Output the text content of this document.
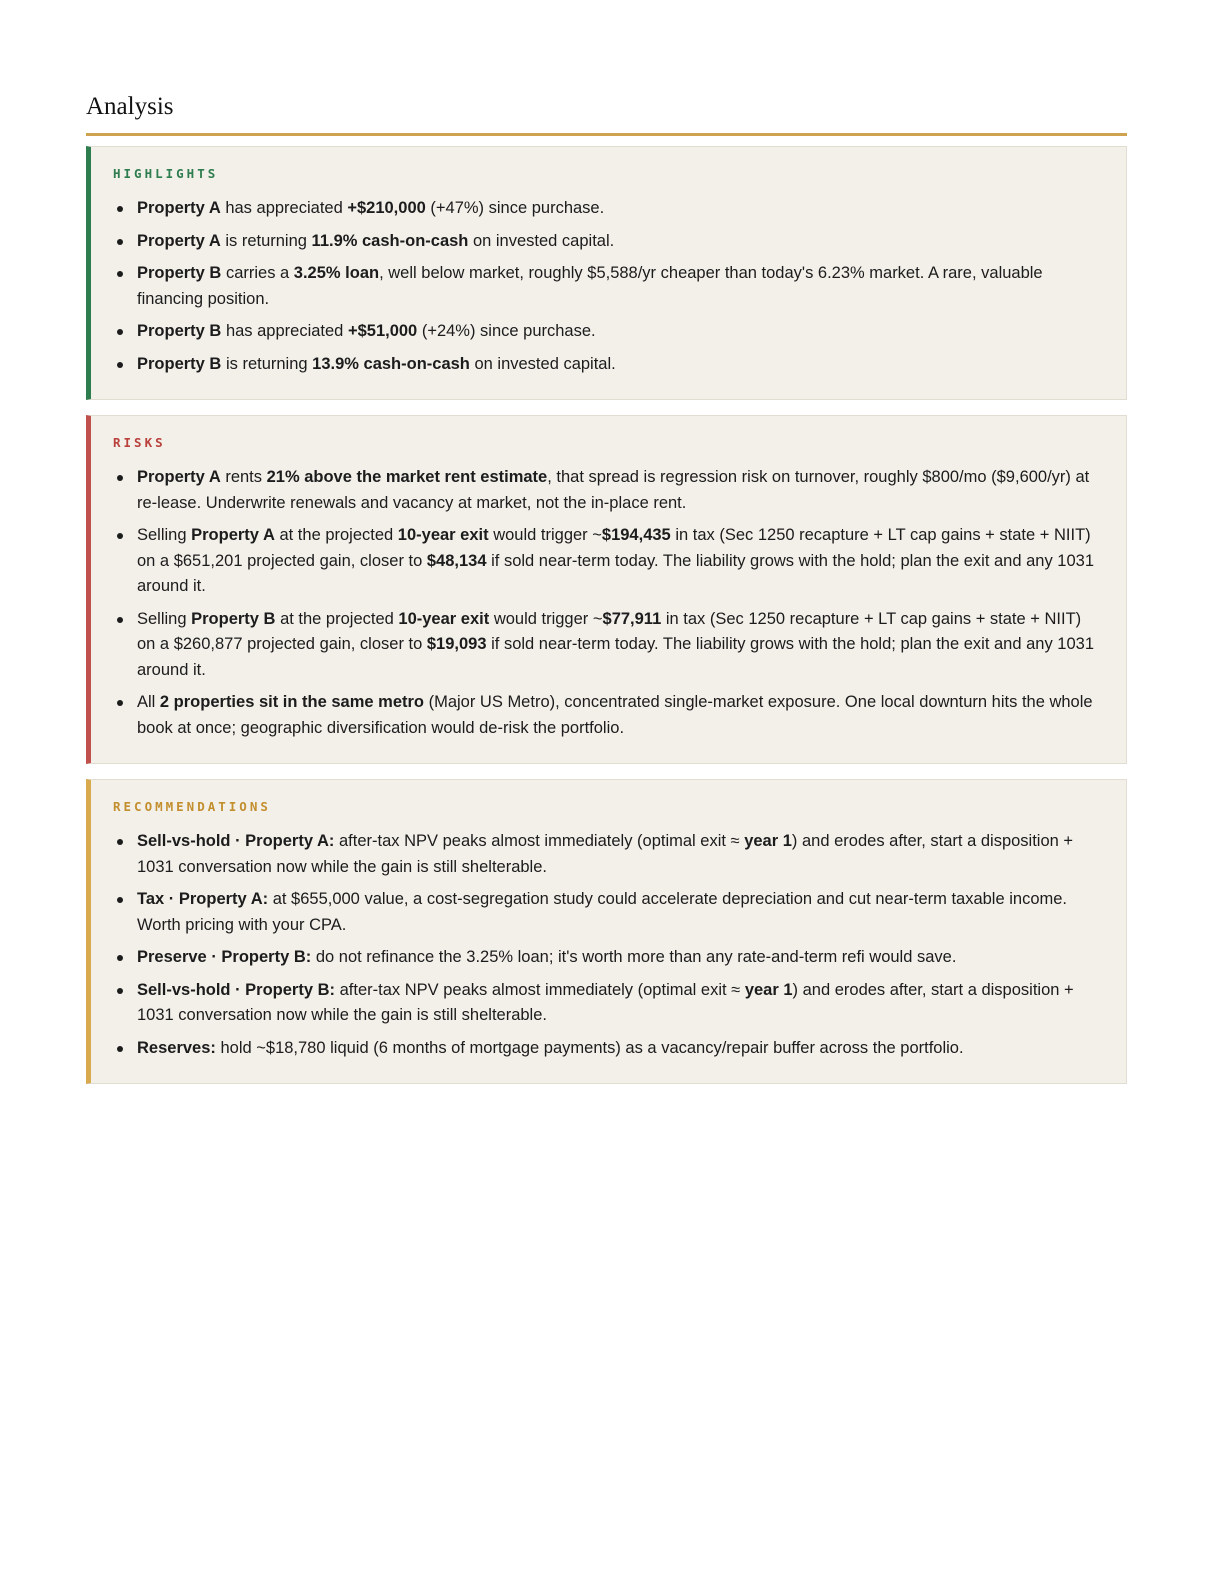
Analysis
HIGHLIGHTS
Property A has appreciated +$210,000 (+47%) since purchase.
Property A is returning 11.9% cash-on-cash on invested capital.
Property B carries a 3.25% loan, well below market, roughly $5,588/yr cheaper than today's 6.23% market. A rare, valuable financing position.
Property B has appreciated +$51,000 (+24%) since purchase.
Property B is returning 13.9% cash-on-cash on invested capital.
RISKS
Property A rents 21% above the market rent estimate, that spread is regression risk on turnover, roughly $800/mo ($9,600/yr) at re-lease. Underwrite renewals and vacancy at market, not the in-place rent.
Selling Property A at the projected 10-year exit would trigger ~$194,435 in tax (Sec 1250 recapture + LT cap gains + state + NIIT) on a $651,201 projected gain, closer to $48,134 if sold near-term today. The liability grows with the hold; plan the exit and any 1031 around it.
Selling Property B at the projected 10-year exit would trigger ~$77,911 in tax (Sec 1250 recapture + LT cap gains + state + NIIT) on a $260,877 projected gain, closer to $19,093 if sold near-term today. The liability grows with the hold; plan the exit and any 1031 around it.
All 2 properties sit in the same metro (Major US Metro), concentrated single-market exposure. One local downturn hits the whole book at once; geographic diversification would de-risk the portfolio.
RECOMMENDATIONS
Sell-vs-hold · Property A: after-tax NPV peaks almost immediately (optimal exit ≈ year 1) and erodes after, start a disposition + 1031 conversation now while the gain is still shelterable.
Tax · Property A: at $655,000 value, a cost-segregation study could accelerate depreciation and cut near-term taxable income. Worth pricing with your CPA.
Preserve · Property B: do not refinance the 3.25% loan; it's worth more than any rate-and-term refi would save.
Sell-vs-hold · Property B: after-tax NPV peaks almost immediately (optimal exit ≈ year 1) and erodes after, start a disposition + 1031 conversation now while the gain is still shelterable.
Reserves: hold ~$18,780 liquid (6 months of mortgage payments) as a vacancy/repair buffer across the portfolio.
